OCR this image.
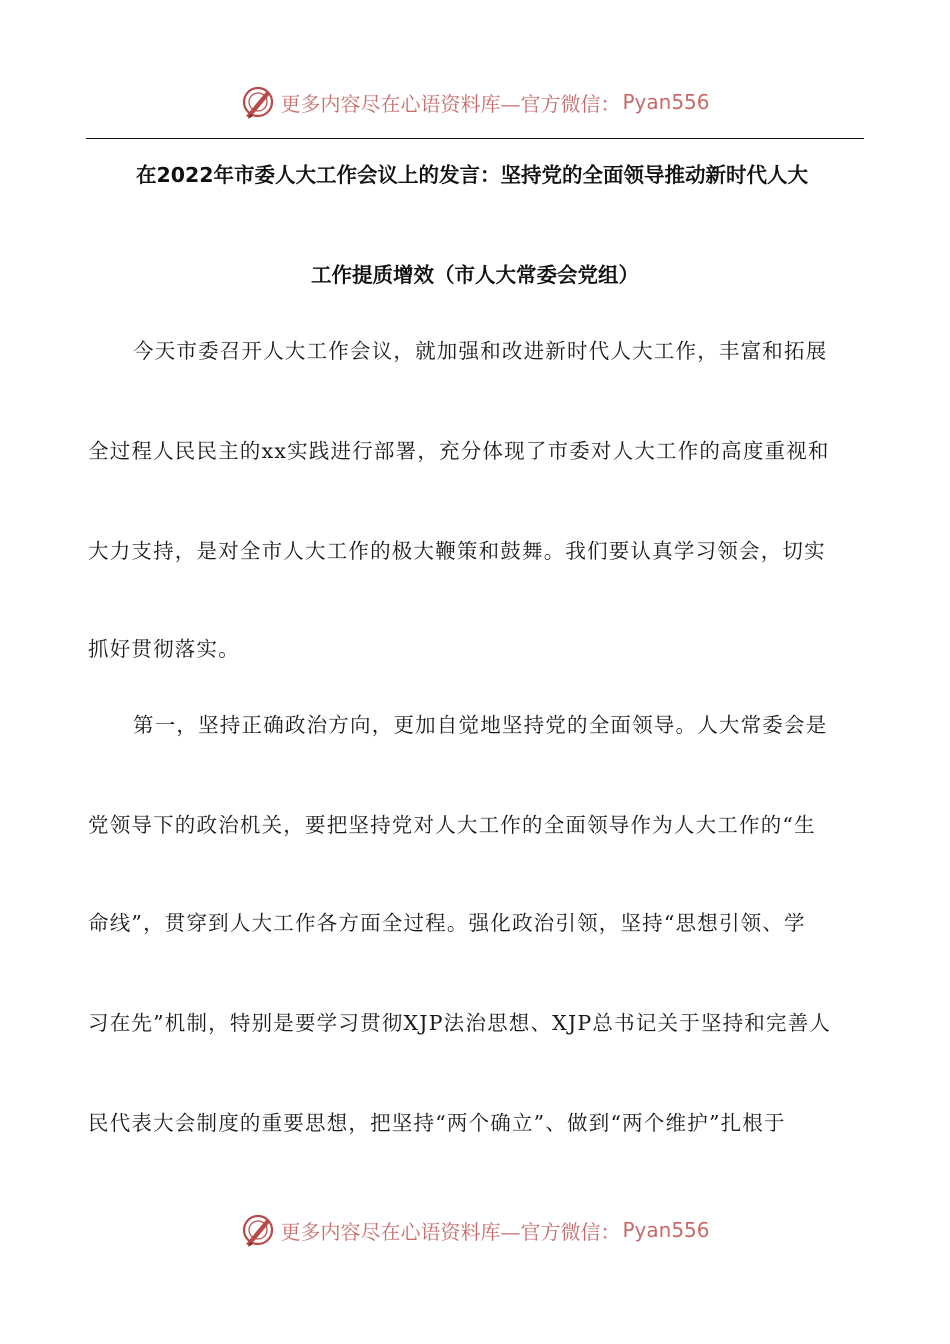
更多内容尽在心语资料库—官方微信： Pyan556
在2022年市委人大工作会议上的发言：坚持党的全面领导推动新时代人大
工作提质增效（市人大常委会党组）
今天市委召开人大工作会议，就加强和改进新时代人大工作，丰富和拓展
全过程人民民主的xx实践进行部署，充分体现了市委对人大工作的高度重视和
大力支持，是对全市人大工作的极大鞭策和鼓舞。我们要认真学习领会，切实
抓好贯彻落实。
第一，坚持正确政治方向，更加自觉地坚持党的全面领导。人大常委会是
党领导下的政治机关，要把坚持党对人大工作的全面领导作为人大工作的“生
命线”，贯穿到人大工作各方面全过程。强化政治引领，坚持“思想引领、学
习在先”机制，特别是要学习贯彻XJP法治思想、XJP总书记关于坚持和完善人
民代表大会制度的重要思想，把坚持“两个确立”、做到“两个维护”扎根于
更多内容尽在心语资料库—官方微信： Pyan556
